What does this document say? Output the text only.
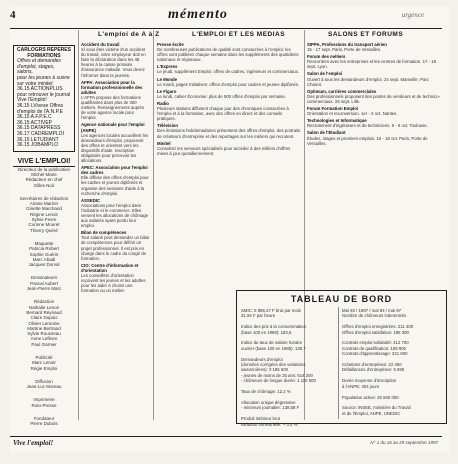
4	mémento	urgence
CARLOGRS REPERES FORMATIONS
Offres et demandes
d'emploi, stages, salons,
pour les jeunes à suivre
sur votre minitel:
36.15 ACTIONPLUS
pour retrouver le journal
Vive l'Emploi!
36.15 LVivese Offres
d'emploi de l'A.N.P.E
36.15 A.F.P.E.C
36.15 ACTIVEP
36.15 DATAPRESS
36.17 CADREMPLOI
36.15 LETUDIANT
36.15 JOBAMPLO
VIVE L'EMPLOI!
Directeur de la publication
Michel Maire
Rédacteur en chef
Gilles Noir
Secrétaires de rédaction
Ariane Marrier
Ginette Marchand
Régine Lenoir
Sylvie Fevre
Corinne Mouret
Thierry Quéré
Maquette
Patricia Robert
Sophie Guérin
Marc Abadi
Jacques Dorval
Dessinateurs
Pascal Aubert
Jean-Pierre Marc
Rédaction
Nathalie Lenoir
Bernard Reynaud
Claire Dupuis
Olivier Lemoine
Martine Bertrand
Sylvie Rousseau
Anne Lefèvre
Paul Garnier
Publicité
Marc Lenoir
Régie Emploi
Diffusion
Jean-Luc Moreau
Imprimerie
Roto-Presse
Fondateur
Pierre Dubois
L'emploi de A à Z	L'EMPLOI ET LES MEDIAS	SALONS ET FORUMS
Accident du travail
Si vous êtes victime d'un accident du travail, votre employeur doit en faire la déclaration dans les 48 heures à la caisse primaire d'assurance maladie. Vous devez l'informer dans la journée.
AFPA: Association pour la formation professionnelle des adultes
L'AFPA propose des formations qualifiantes dans plus de 300 métiers. Renseignements auprès de votre agence locale pour l'emploi.
Agence nationale pour l'emploi (ANPE)
Les agences locales accueillent les demandeurs d'emploi, proposent des offres et orientent vers les dispositifs d'aide. Inscription obligatoire pour percevoir les allocations.
APEC: Association pour l'emploi des cadres
Elle diffuse des offres d'emploi pour les cadres et jeunes diplômés et organise des sessions d'aide à la recherche d'emploi.
ASSEDIC
Associations pour l'emploi dans l'industrie et le commerce. Elles versent les allocations de chômage aux salariés ayant perdu leur emploi.
Bilan de compétences
Tout salarié peut demander un bilan de compétences pour définir un projet professionnel. Il est pris en charge dans le cadre du congé de formation.
CIO: Centre d'information et d'orientation
Les conseillers d'orientation reçoivent les jeunes et les adultes pour les aider à choisir une formation ou un métier.
Presse écrite
De nombreuses publications de qualité sont consacrées à l'emploi: les offres sont publiées chaque semaine dans les suppléments des quotidiens nationaux et régionaux.
L'Express
Le jeudi, supplément Emploi: offres de cadres, ingénieurs et commerciaux.
Le Monde
Le mardi, pages Initiatives: offres d'emploi pour cadres et jeunes diplômés.
Le Figaro
Le lundi, cahier Économie: plus de 500 offres d'emploi par semaine.
Radio
Plusieurs stations diffusent chaque jour des chroniques consacrées à l'emploi et à la formation, avec des offres en direct et des conseils pratiques.
Télévision
Des émissions hebdomadaires présentent des offres d'emploi, des portraits de créateurs d'entreprise et des reportages sur les métiers qui recrutent.
Minitel
Consultez les serveurs spécialisés pour accéder à des milliers d'offres mises à jour quotidiennement.
SIPPA, Professions du transport aérien
15 - 17 sept. Paris, Porte de Versailles.
Forum des métiers
Rencontres avec les entreprises et les centres de formation. 17 - 18 sept. Lyon.
Salon de l'emploi
Ouvert à tous les demandeurs d'emploi. 24 sept. Marseille, Parc Chanot.
Optimum, carrières commerciales
Des professionnels proposent des postes de vendeurs et de technico-commerciaux. 25 sept. Lille.
Forum Formation Emploi
Orientation et reconversion. 1er - 2 oct. Nantes.
Technologies et Informatique
Recrutement d'ingénieurs et de techniciens. 8 - 9 oct. Toulouse.
Salon de l'Étudiant
Études, stages et premiers emplois. 15 - 18 oct. Paris, Porte de Versailles.
TABLEAU DE BORD
SMIC: 5 886,27 F brut par mois
31,94 F par heure

Indice des prix à la consommation
(base 100 en 1980): 183,6

Indice du taux de salaire horaire
ouvrier (base 100 en 1985): 130,7

Demandeurs d'emploi
(données corrigées des variations
saisonnières): 3 185 600
- jeunes de moins de 25 ans: 614 200
- chômeurs de longue durée: 1 110 500

Taux de chômage: 12,2 %

Allocation unique dégressive
- minimum journalier: 138,58 F

Produit intérieur brut
variation trimestrielle: + 0,4 %
Mai 93 / 1997 / mai 93 / mai 97
Nombre de chômeurs indemnisés

Offres d'emploi enregistrées: 211 400
Offres d'emploi satisfaites: 195 300

Contrats emploi-solidarité: 412 700
Contrats de qualification: 108 900
Contrats d'apprentissage: 221 600

Créations d'entreprises: 22 450
Défaillances d'entreprises: 5 690

Durée moyenne d'inscription
à l'ANPE: 404 jours

Population active: 25 500 000

Source: INSEE, ministère du Travail
et de l'Emploi, ANPE, UNEDIC
Vive l'emploi!	N° 1 du 16 au 29 septembre 1997
